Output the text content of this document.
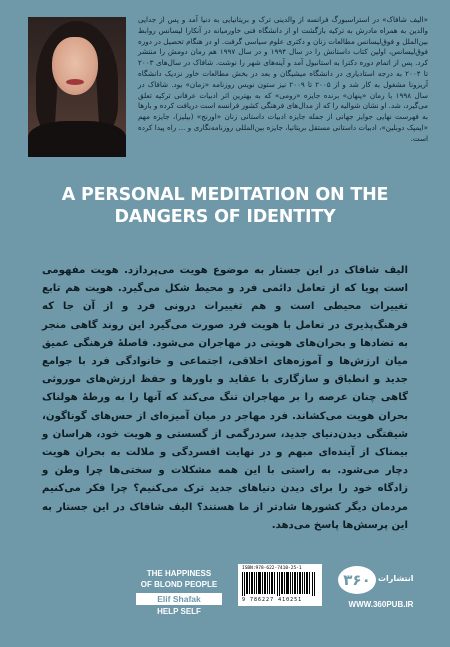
«الیف شافاک» در استراسبورگ فرانسه از والدینی ترک و بریتانیایی به دنیا آمد و پس از جدایی والدین به همراه مادرش به ترکیه بازگشت او از دانشگاه فنی خاورمیانه در آنکارا لیسانس روابط بین‌الملل و فوق‌لیسانس مطالعات زنان و دکتری علوم سیاسی گرفت. او در هنگام تحصیل در دوره فوق‌لیسانس، اولین کتاب داستانش را در سال ۱۹۹۴ و در سال ۱۹۹۷ هم رمان دومش را منتشر کرد. پس از اتمام دوره دکترا به استانبول آمد و آینه‌های شهر را نوشت. شافاک در سال‌های ۲۰۰۳ تا ۲۰۰۴ به درجه استادیاری در دانشگاه میشیگان و بعد در بخش مطالعات خاور نزدیک دانشگاه آریزونا مشغول به کار شد و از ۲۰۰۵ تا ۲۰۰۹ نیز ستون نویس روزنامه «زمان» بود. شافاک در سال ۱۹۹۸ با رمان «پنهان» برنده جایزه «رومی» که به بهترین اثر ادبیات عرفانی ترکیه تعلق می‌گیرد، شد. او نشان شوالیه را که از مدال‌های فرهنگی کشور فرانسه است دریافت کرده و بارها به فهرست نهایی جوایز جهانی از جمله جایزه ادبیات داستانی زنان «اورنج» (بیلیز)، جایزه مهم «ایمپک دوبلین»، ادبیات داستانی مستقل بریتانیا، جایزه بین‌المللی روزنامه‌نگاری و ... راه پیدا کرده است.
A PERSONAL MEDITATION ON THE DANGERS OF IDENTITY
الیف شافاک در این جستار به موضوع هویت می‌پردازد. هویت مفهومی است پویا که از تعامل دائمی فرد و محیط شکل می‌گیرد. هویت هم تابع تغییرات محیطی است و هم تغییرات درونی فرد و از آن جا که فرهنگ‌پذیری در تعامل با هویت فرد صورت می‌گیرد این روند گاهی منجر به تضادها و بحران‌های هویتی در مهاجران می‌شود. فاصلهٔ فرهنگی عمیق میان ارزش‌ها و آموزه‌های اخلاقی، اجتماعی و خانوادگی فرد با جوامع جدید و انطباق و سازگاری با عقاید و باورها و حفظ ارزش‌های موروثی گاهی چنان عرصه را بر مهاجران تنگ می‌کند که آنها را به ورطهٔ هولناک بحران هویت می‌کشاند. فرد مهاجر در میان آمیزه‌ای از حس‌های گوناگون، شیفتگی دیدن‌دنیای جدید، سردرگمی از گسستی و هویت خود، هراسان و بیمناک از آینده‌ای مبهم و در نهایت افسردگی و ملالت به بحران هویت دچار می‌شود. به راستی با این همه مشکلات و سختی‌ها چرا وطن و زادگاه خود را برای دیدن دنیاهای جدید ترک می‌کنیم؟ چرا فکر می‌کنیم مردمان دیگر کشورها شادتر از ما هستند؟ الیف شافاک در این جستار به این پرسش‌ها پاسخ می‌دهد.
THE HAPPINESS
OF BLOND PEOPLE
Elif Shafak
HELP SELF
ISBN:978-622-7410-25-1
9 786227 410251
۳۶۰ انتشارات
WWW.360PUB.IR
